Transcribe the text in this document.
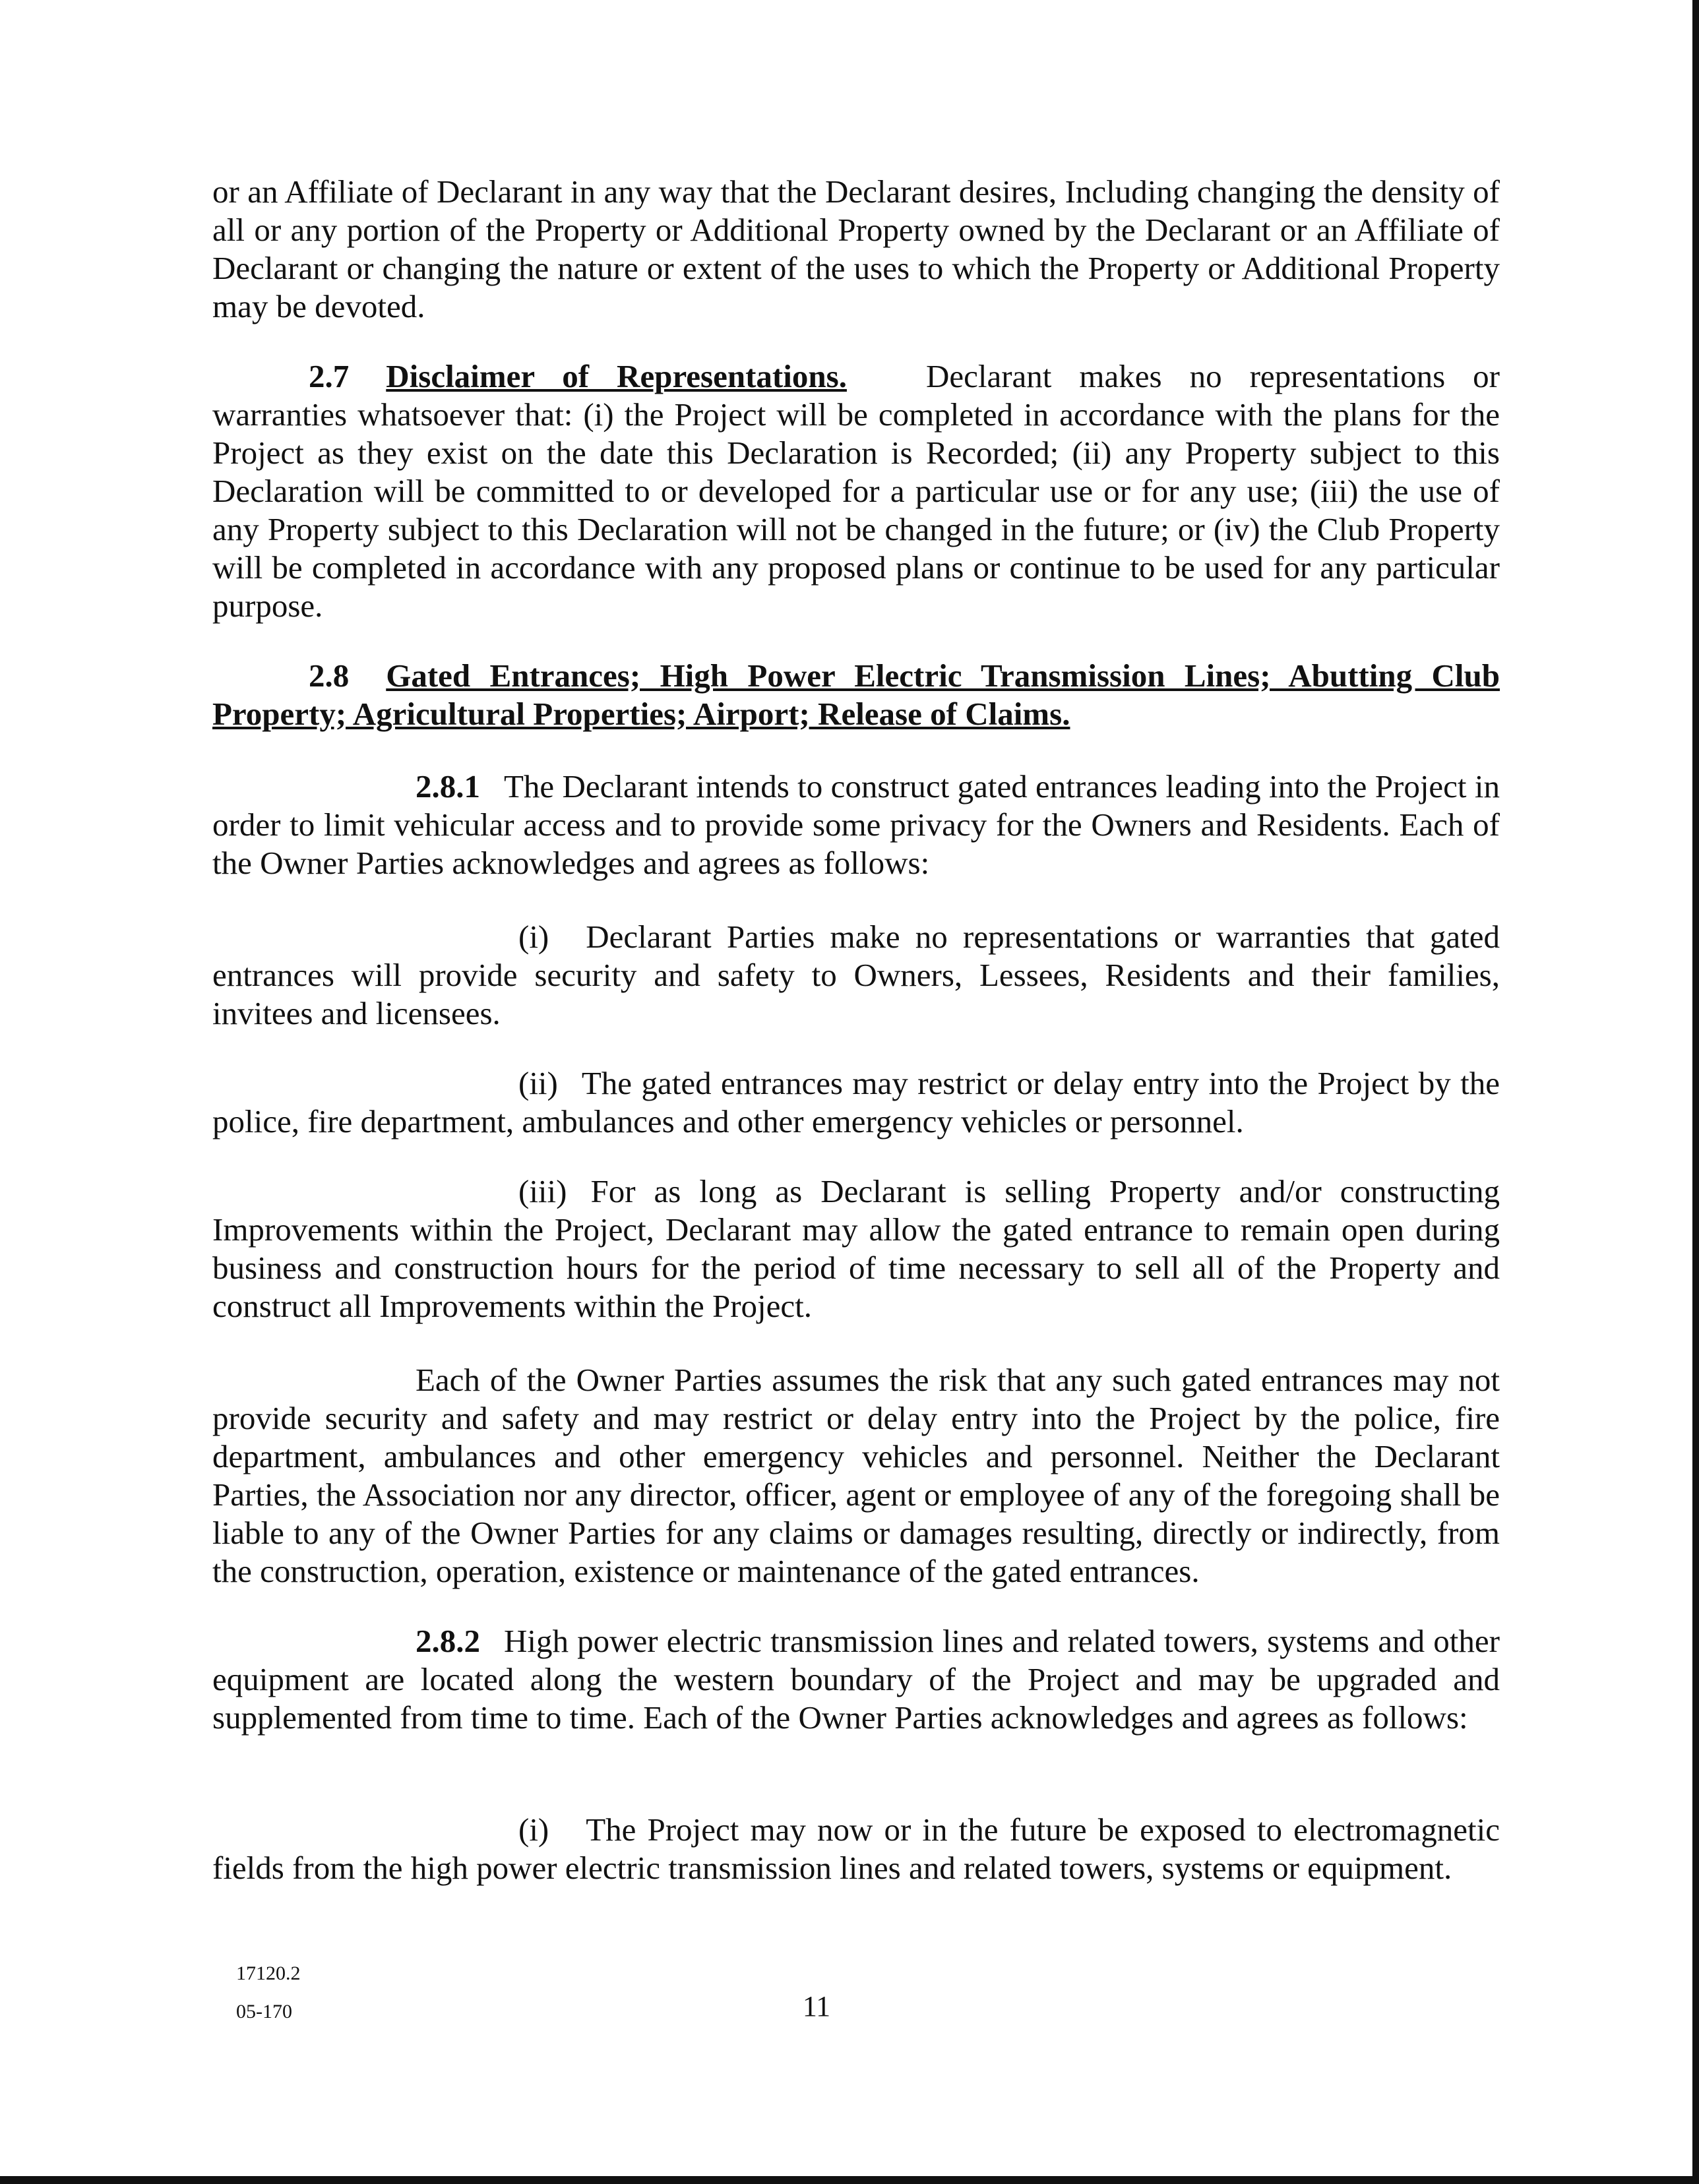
or an Affiliate of Declarant in any way that the Declarant desires, Including changing the density of all or any portion of the Property or Additional Property owned by the Declarant or an Affiliate of Declarant or changing the nature or extent of the uses to which the Property or Additional Property may be devoted.

2.7 Disclaimer of Representations. Declarant makes no representations or warranties whatsoever that: (i) the Project will be completed in accordance with the plans for the Project as they exist on the date this Declaration is Recorded; (ii) any Property subject to this Declaration will be committed to or developed for a particular use or for any use; (iii) the use of any Property subject to this Declaration will not be changed in the future; or (iv) the Club Property will be completed in accordance with any proposed plans or continue to be used for any particular purpose.

2.8 Gated Entrances; High Power Electric Transmission Lines; Abutting Club Property; Agricultural Properties; Airport; Release of Claims.

2.8.1 The Declarant intends to construct gated entrances leading into the Project in order to limit vehicular access and to provide some privacy for the Owners and Residents. Each of the Owner Parties acknowledges and agrees as follows:

(i) Declarant Parties make no representations or warranties that gated entrances will provide security and safety to Owners, Lessees, Residents and their families, invitees and licensees.

(ii) The gated entrances may restrict or delay entry into the Project by the police, fire department, ambulances and other emergency vehicles or personnel.

(iii) For as long as Declarant is selling Property and/or constructing Improvements within the Project, Declarant may allow the gated entrance to remain open during business and construction hours for the period of time necessary to sell all of the Property and construct all Improvements within the Project.

Each of the Owner Parties assumes the risk that any such gated entrances may not provide security and safety and may restrict or delay entry into the Project by the police, fire department, ambulances and other emergency vehicles and personnel. Neither the Declarant Parties, the Association nor any director, officer, agent or employee of any of the foregoing shall be liable to any of the Owner Parties for any claims or damages resulting, directly or indirectly, from the construction, operation, existence or maintenance of the gated entrances.

2.8.2 High power electric transmission lines and related towers, systems and other equipment are located along the western boundary of the Project and may be upgraded and supplemented from time to time. Each of the Owner Parties acknowledges and agrees as follows:

(i) The Project may now or in the future be exposed to electromagnetic fields from the high power electric transmission lines and related towers, systems or equipment.

17120.2

05-170	11
